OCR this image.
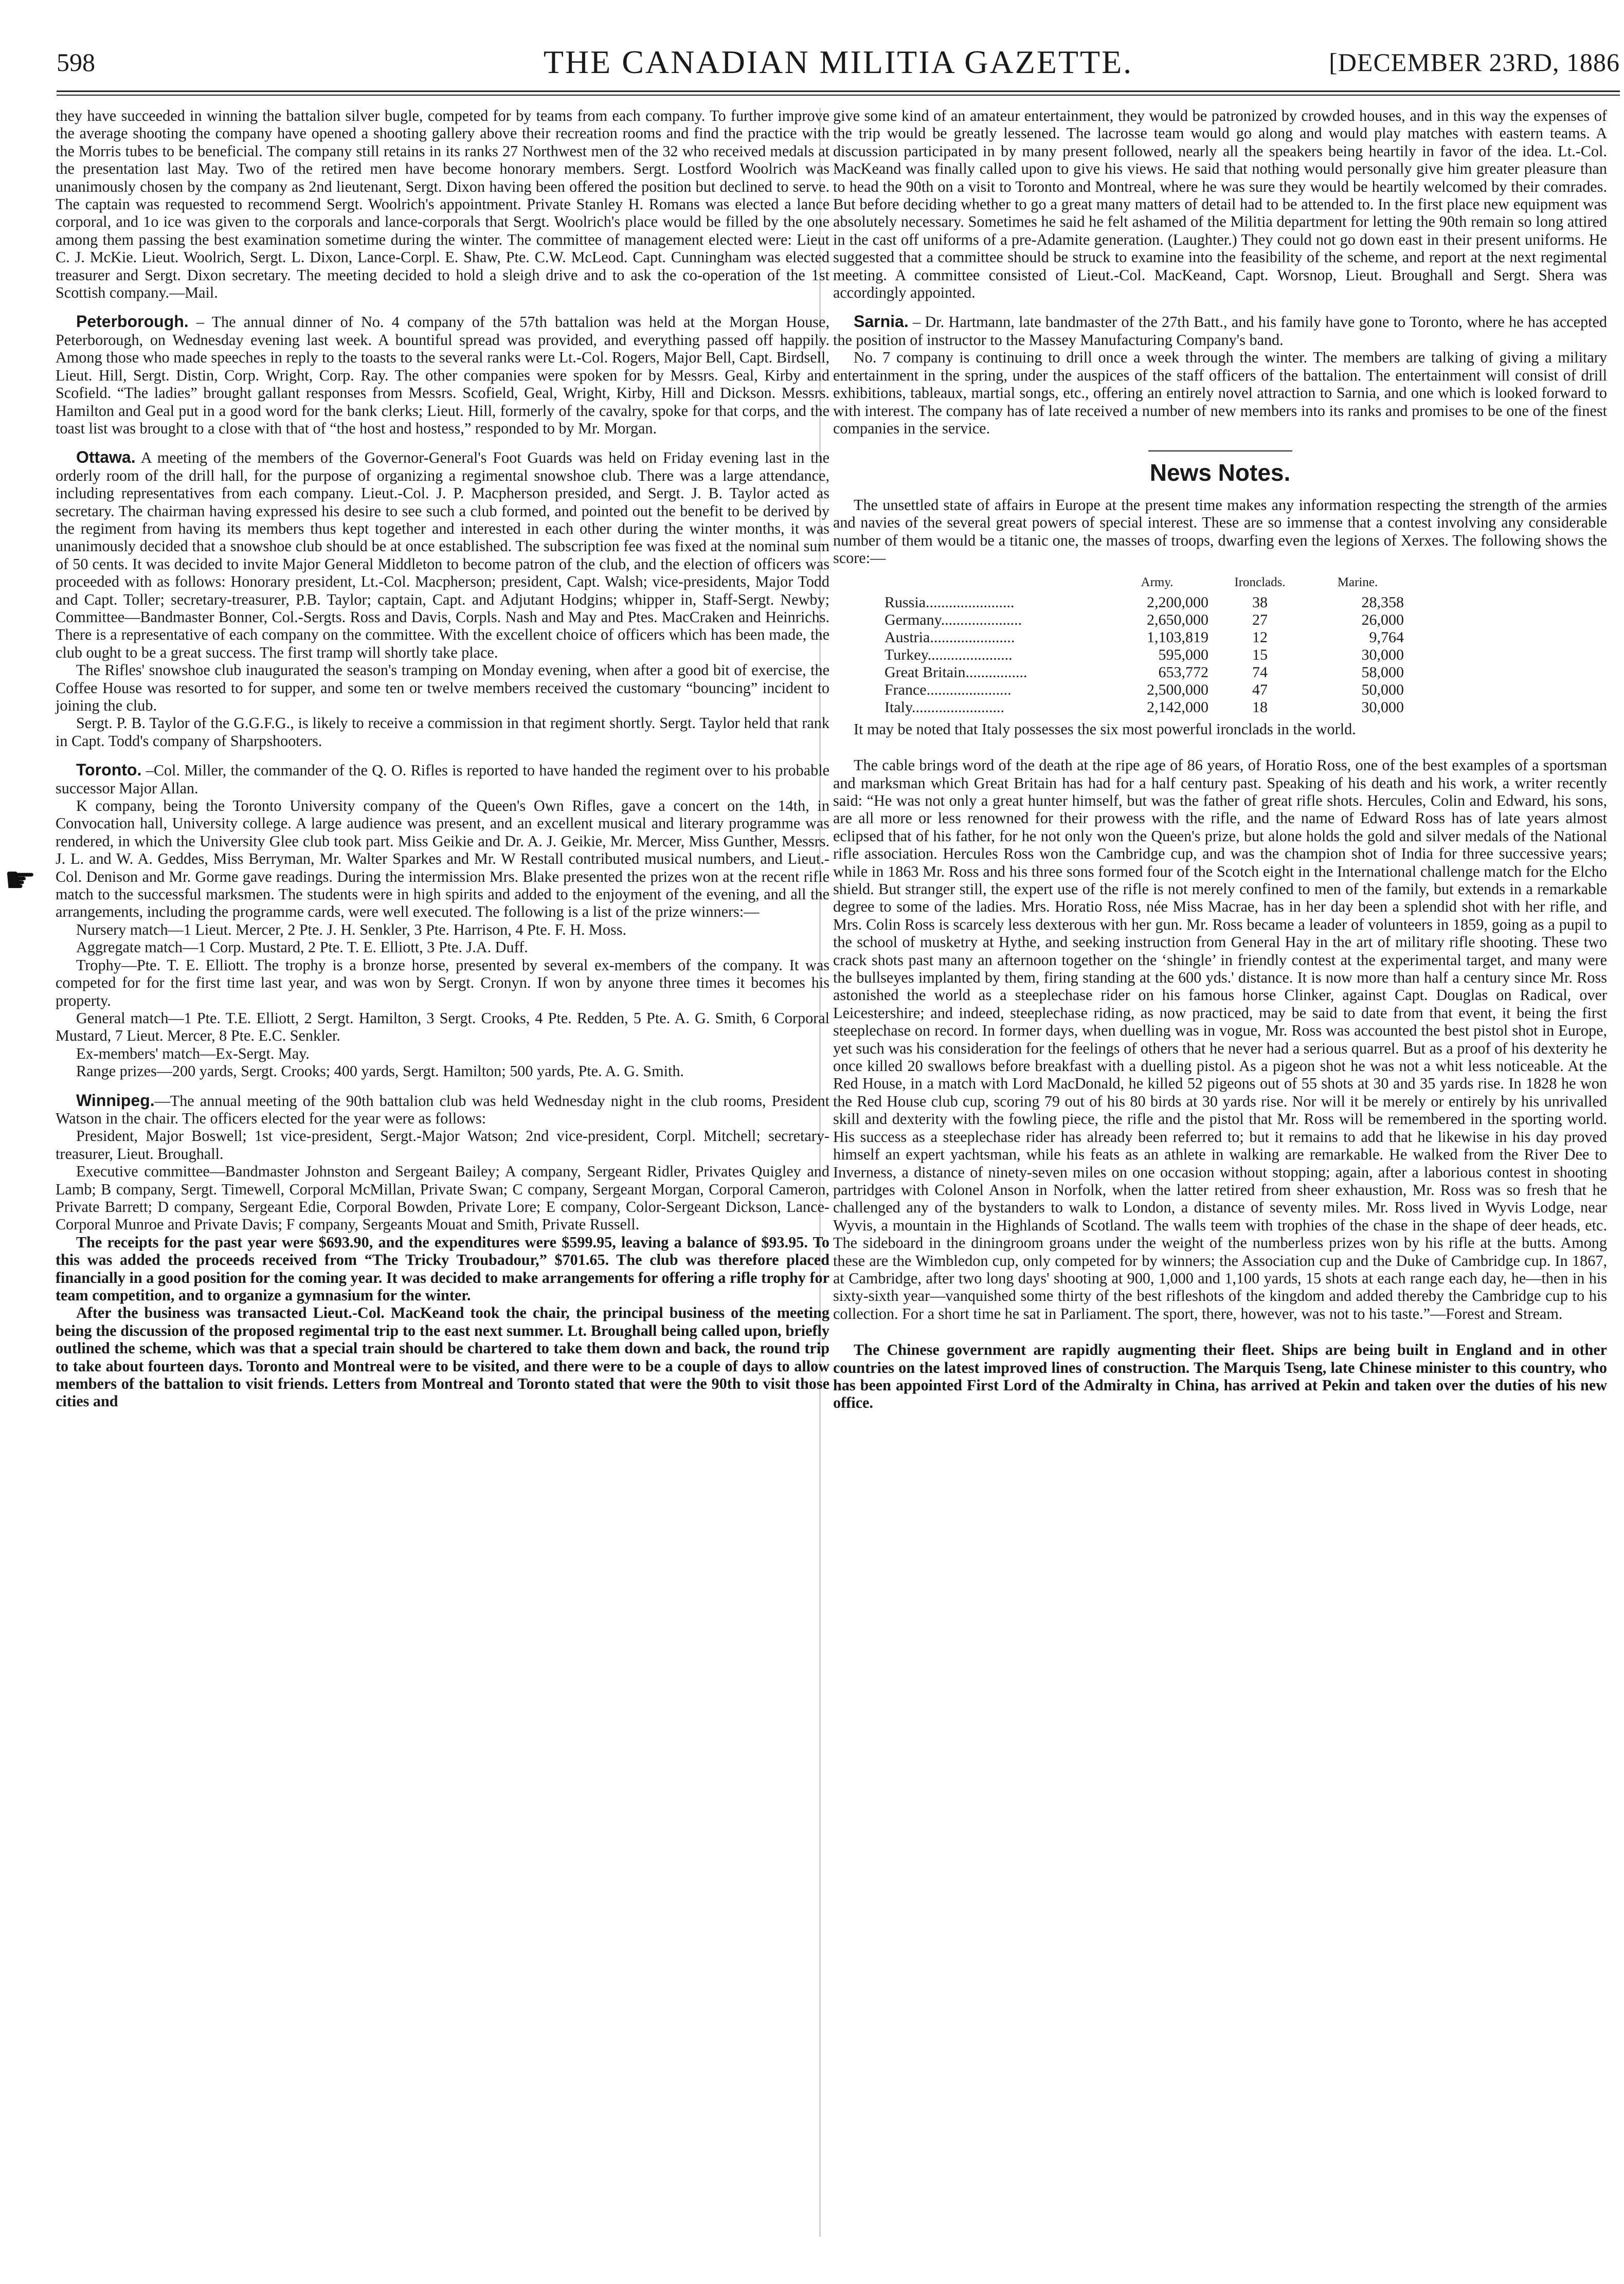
598	THE CANADIAN MILITIA GAZETTE.	[DECEMBER 23RD, 1886
☛

they have succeeded in winning the battalion silver bugle, competed for by teams from each company. To further improve the average shooting the company have opened a shooting gallery above their recreation rooms and find the practice with the Morris tubes to be beneficial. The company still retains in its ranks 27 Northwest men of the 32 who received medals at the presentation last May. Two of the retired men have become honorary members. Sergt. Lostford Woolrich was unanimously chosen by the company as 2nd lieutenant, Sergt. Dixon having been offered the position but declined to serve. The captain was requested to recommend Sergt. Woolrich's appointment. Private Stanley H. Romans was elected a lance corporal, and 1o ice was given to the corporals and lance-corporals that Sergt. Woolrich's place would be filled by the one among them passing the best examination sometime during the winter. The committee of management elected were: Lieut C. J. McKie. Lieut. Woolrich, Sergt. L. Dixon, Lance-Corpl. E. Shaw, Pte. C.W. McLeod. Capt. Cunningham was elected treasurer and Sergt. Dixon secretary. The meeting decided to hold a sleigh drive and to ask the co-operation of the 1st Scottish company.—Mail.

Peterborough. – The annual dinner of No. 4 company of the 57th battalion was held at the Morgan House, Peterborough, on Wednesday evening last week. A bountiful spread was provided, and everything passed off happily. Among those who made speeches in reply to the toasts to the several ranks were Lt.-Col. Rogers, Major Bell, Capt. Birdsell, Lieut. Hill, Sergt. Distin, Corp. Wright, Corp. Ray. The other companies were spoken for by Messrs. Geal, Kirby and Scofield. “The ladies” brought gallant responses from Messrs. Scofield, Geal, Wright, Kirby, Hill and Dickson. Messrs. Hamilton and Geal put in a good word for the bank clerks; Lieut. Hill, formerly of the cavalry, spoke for that corps, and the toast list was brought to a close with that of “the host and hostess,” responded to by Mr. Morgan.

Ottawa. A meeting of the members of the Governor-General's Foot Guards was held on Friday evening last in the orderly room of the drill hall, for the purpose of organizing a regimental snowshoe club. There was a large attendance, including representatives from each company. Lieut.-Col. J. P. Macpherson presided, and Sergt. J. B. Taylor acted as secretary. The chairman having expressed his desire to see such a club formed, and pointed out the benefit to be derived by the regiment from having its members thus kept together and interested in each other during the winter months, it was unanimously decided that a snowshoe club should be at once established. The subscription fee was fixed at the nominal sum of 50 cents. It was decided to invite Major General Middleton to become patron of the club, and the election of officers was proceeded with as follows: Honorary president, Lt.-Col. Macpherson; president, Capt. Walsh; vice-presidents, Major Todd and Capt. Toller; secretary-treasurer, P.B. Taylor; captain, Capt. and Adjutant Hodgins; whipper in, Staff-Sergt. Newby; Committee—Bandmaster Bonner, Col.-Sergts. Ross and Davis, Corpls. Nash and May and Ptes. MacCraken and Heinrichs. There is a representative of each company on the committee. With the excellent choice of officers which has been made, the club ought to be a great success. The first tramp will shortly take place.

The Rifles' snowshoe club inaugurated the season's tramping on Monday evening, when after a good bit of exercise, the Coffee House was resorted to for supper, and some ten or twelve members received the customary “bouncing” incident to joining the club.

Sergt. P. B. Taylor of the G.G.F.G., is likely to receive a commission in that regiment shortly. Sergt. Taylor held that rank in Capt. Todd's company of Sharpshooters.

Toronto. –Col. Miller, the commander of the Q. O. Rifles is reported to have handed the regiment over to his probable successor Major Allan.

K company, being the Toronto University company of the Queen's Own Rifles, gave a concert on the 14th, in Convocation hall, University college. A large audience was present, and an excellent musical and literary programme was rendered, in which the University Glee club took part. Miss Geikie and Dr. A. J. Geikie, Mr. Mercer, Miss Gunther, Messrs. J. L. and W. A. Geddes, Miss Berryman, Mr. Walter Sparkes and Mr. W Restall contributed musical numbers, and Lieut.-Col. Denison and Mr. Gorme gave readings. During the intermission Mrs. Blake presented the prizes won at the recent rifle match to the successful marksmen. The students were in high spirits and added to the enjoyment of the evening, and all the arrangements, including the programme cards, were well executed. The following is a list of the prize winners:—

Nursery match—1 Lieut. Mercer, 2 Pte. J. H. Senkler, 3 Pte. Harrison, 4 Pte. F. H. Moss.

Aggregate match—1 Corp. Mustard, 2 Pte. T. E. Elliott, 3 Pte. J.A. Duff.

Trophy—Pte. T. E. Elliott. The trophy is a bronze horse, presented by several ex-members of the company. It was competed for for the first time last year, and was won by Sergt. Cronyn. If won by anyone three times it becomes his property.

General match—1 Pte. T.E. Elliott, 2 Sergt. Hamilton, 3 Sergt. Crooks, 4 Pte. Redden, 5 Pte. A. G. Smith, 6 Corporal Mustard, 7 Lieut. Mercer, 8 Pte. E.C. Senkler.

Ex-members' match—Ex-Sergt. May.

Range prizes—200 yards, Sergt. Crooks; 400 yards, Sergt. Hamilton; 500 yards, Pte. A. G. Smith.

Winnipeg.—The annual meeting of the 90th battalion club was held Wednesday night in the club rooms, President Watson in the chair. The officers elected for the year were as follows:

President, Major Boswell; 1st vice-president, Sergt.-Major Watson; 2nd vice-president, Corpl. Mitchell; secretary-treasurer, Lieut. Broughall.

Executive committee—Bandmaster Johnston and Sergeant Bailey; A company, Sergeant Ridler, Privates Quigley and Lamb; B company, Sergt. Timewell, Corporal McMillan, Private Swan; C company, Sergeant Morgan, Corporal Cameron, Private Barrett; D company, Sergeant Edie, Corporal Bowden, Private Lore; E company, Color-Sergeant Dickson, Lance-Corporal Munroe and Private Davis; F company, Sergeants Mouat and Smith, Private Russell.

The receipts for the past year were $693.90, and the expenditures were $599.95, leaving a balance of $93.95. To this was added the proceeds received from “The Tricky Troubadour,” $701.65. The club was therefore placed financially in a good position for the coming year. It was decided to make arrangements for offering a rifle trophy for team competition, and to organize a gymnasium for the winter.

After the business was transacted Lieut.-Col. MacKeand took the chair, the principal business of the meeting being the discussion of the proposed regimental trip to the east next summer. Lt. Broughall being called upon, briefly outlined the scheme, which was that a special train should be chartered to take them down and back, the round trip to take about fourteen days. Toronto and Montreal were to be visited, and there were to be a couple of days to allow members of the battalion to visit friends. Letters from Montreal and Toronto stated that were the 90th to visit those cities and

give some kind of an amateur entertainment, they would be patronized by crowded houses, and in this way the expenses of the trip would be greatly lessened. The lacrosse team would go along and would play matches with eastern teams. A discussion participated in by many present followed, nearly all the speakers being heartily in favor of the idea. Lt.-Col. MacKeand was finally called upon to give his views. He said that nothing would personally give him greater pleasure than to head the 90th on a visit to Toronto and Montreal, where he was sure they would be heartily welcomed by their comrades. But before deciding whether to go a great many matters of detail had to be attended to. In the first place new equipment was absolutely necessary. Sometimes he said he felt ashamed of the Militia department for letting the 90th remain so long attired in the cast off uniforms of a pre-Adamite generation. (Laughter.) They could not go down east in their present uniforms. He suggested that a committee should be struck to examine into the feasibility of the scheme, and report at the next regimental meeting. A committee consisted of Lieut.-Col. MacKeand, Capt. Worsnop, Lieut. Broughall and Sergt. Shera was accordingly appointed.

Sarnia. – Dr. Hartmann, late bandmaster of the 27th Batt., and his family have gone to Toronto, where he has accepted the position of instructor to the Massey Manufacturing Company's band.

No. 7 company is continuing to drill once a week through the winter. The members are talking of giving a military entertainment in the spring, under the auspices of the staff officers of the battalion. The entertainment will consist of drill exhibitions, tableaux, martial songs, etc., offering an entirely novel attraction to Sarnia, and one which is looked forward to with interest. The company has of late received a number of new members into its ranks and promises to be one of the finest companies in the service.

News Notes.

The unsettled state of affairs in Europe at the present time makes any information respecting the strength of the armies and navies of the several great powers of special interest. These are so immense that a contest involving any considerable number of them would be a titanic one, the masses of troops, dwarfing even the legions of Xerxes. The following shows the score:—

	Army.	Ironclads.	Marine.
Russia.......................	2,200,000	38	28,358
Germany.....................	2,650,000	27	26,000
Austria......................	1,103,819	12	9,764
Turkey......................	595,000	15	30,000
Great Britain................	653,772	74	58,000
France......................	2,500,000	47	50,000
Italy........................	2,142,000	18	30,000

It may be noted that Italy possesses the six most powerful ironclads in the world.

The cable brings word of the death at the ripe age of 86 years, of Horatio Ross, one of the best examples of a sportsman and marksman which Great Britain has had for a half century past. Speaking of his death and his work, a writer recently said: “He was not only a great hunter himself, but was the father of great rifle shots. Hercules, Colin and Edward, his sons, are all more or less renowned for their prowess with the rifle, and the name of Edward Ross has of late years almost eclipsed that of his father, for he not only won the Queen's prize, but alone holds the gold and silver medals of the National rifle association. Hercules Ross won the Cambridge cup, and was the champion shot of India for three successive years; while in 1863 Mr. Ross and his three sons formed four of the Scotch eight in the International challenge match for the Elcho shield. But stranger still, the expert use of the rifle is not merely confined to men of the family, but extends in a remarkable degree to some of the ladies. Mrs. Horatio Ross, née Miss Macrae, has in her day been a splendid shot with her rifle, and Mrs. Colin Ross is scarcely less dexterous with her gun. Mr. Ross became a leader of volunteers in 1859, going as a pupil to the school of musketry at Hythe, and seeking instruction from General Hay in the art of military rifle shooting. These two crack shots past many an afternoon together on the ‘shingle’ in friendly contest at the experimental target, and many were the bullseyes implanted by them, firing standing at the 600 yds.' distance. It is now more than half a century since Mr. Ross astonished the world as a steeplechase rider on his famous horse Clinker, against Capt. Douglas on Radical, over Leicestershire; and indeed, steeplechase riding, as now practiced, may be said to date from that event, it being the first steeplechase on record. In former days, when duelling was in vogue, Mr. Ross was accounted the best pistol shot in Europe, yet such was his consideration for the feelings of others that he never had a serious quarrel. But as a proof of his dexterity he once killed 20 swallows before breakfast with a duelling pistol. As a pigeon shot he was not a whit less noticeable. At the Red House, in a match with Lord MacDonald, he killed 52 pigeons out of 55 shots at 30 and 35 yards rise. In 1828 he won the Red House club cup, scoring 79 out of his 80 birds at 30 yards rise. Nor will it be merely or entirely by his unrivalled skill and dexterity with the fowling piece, the rifle and the pistol that Mr. Ross will be remembered in the sporting world. His success as a steeplechase rider has already been referred to; but it remains to add that he likewise in his day proved himself an expert yachtsman, while his feats as an athlete in walking are remarkable. He walked from the River Dee to Inverness, a distance of ninety-seven miles on one occasion without stopping; again, after a laborious contest in shooting partridges with Colonel Anson in Norfolk, when the latter retired from sheer exhaustion, Mr. Ross was so fresh that he challenged any of the bystanders to walk to London, a distance of seventy miles. Mr. Ross lived in Wyvis Lodge, near Wyvis, a mountain in the Highlands of Scotland. The walls teem with trophies of the chase in the shape of deer heads, etc. The sideboard in the diningroom groans under the weight of the numberless prizes won by his rifle at the butts. Among these are the Wimbledon cup, only competed for by winners; the Association cup and the Duke of Cambridge cup. In 1867, at Cambridge, after two long days' shooting at 900, 1,000 and 1,100 yards, 15 shots at each range each day, he—then in his sixty-sixth year—vanquished some thirty of the best rifleshots of the kingdom and added thereby the Cambridge cup to his collection. For a short time he sat in Parliament. The sport, there, however, was not to his taste.”—Forest and Stream.

The Chinese government are rapidly augmenting their fleet. Ships are being built in England and in other countries on the latest improved lines of construction. The Marquis Tseng, late Chinese minister to this country, who has been appointed First Lord of the Admiralty in China, has arrived at Pekin and taken over the duties of his new office.
